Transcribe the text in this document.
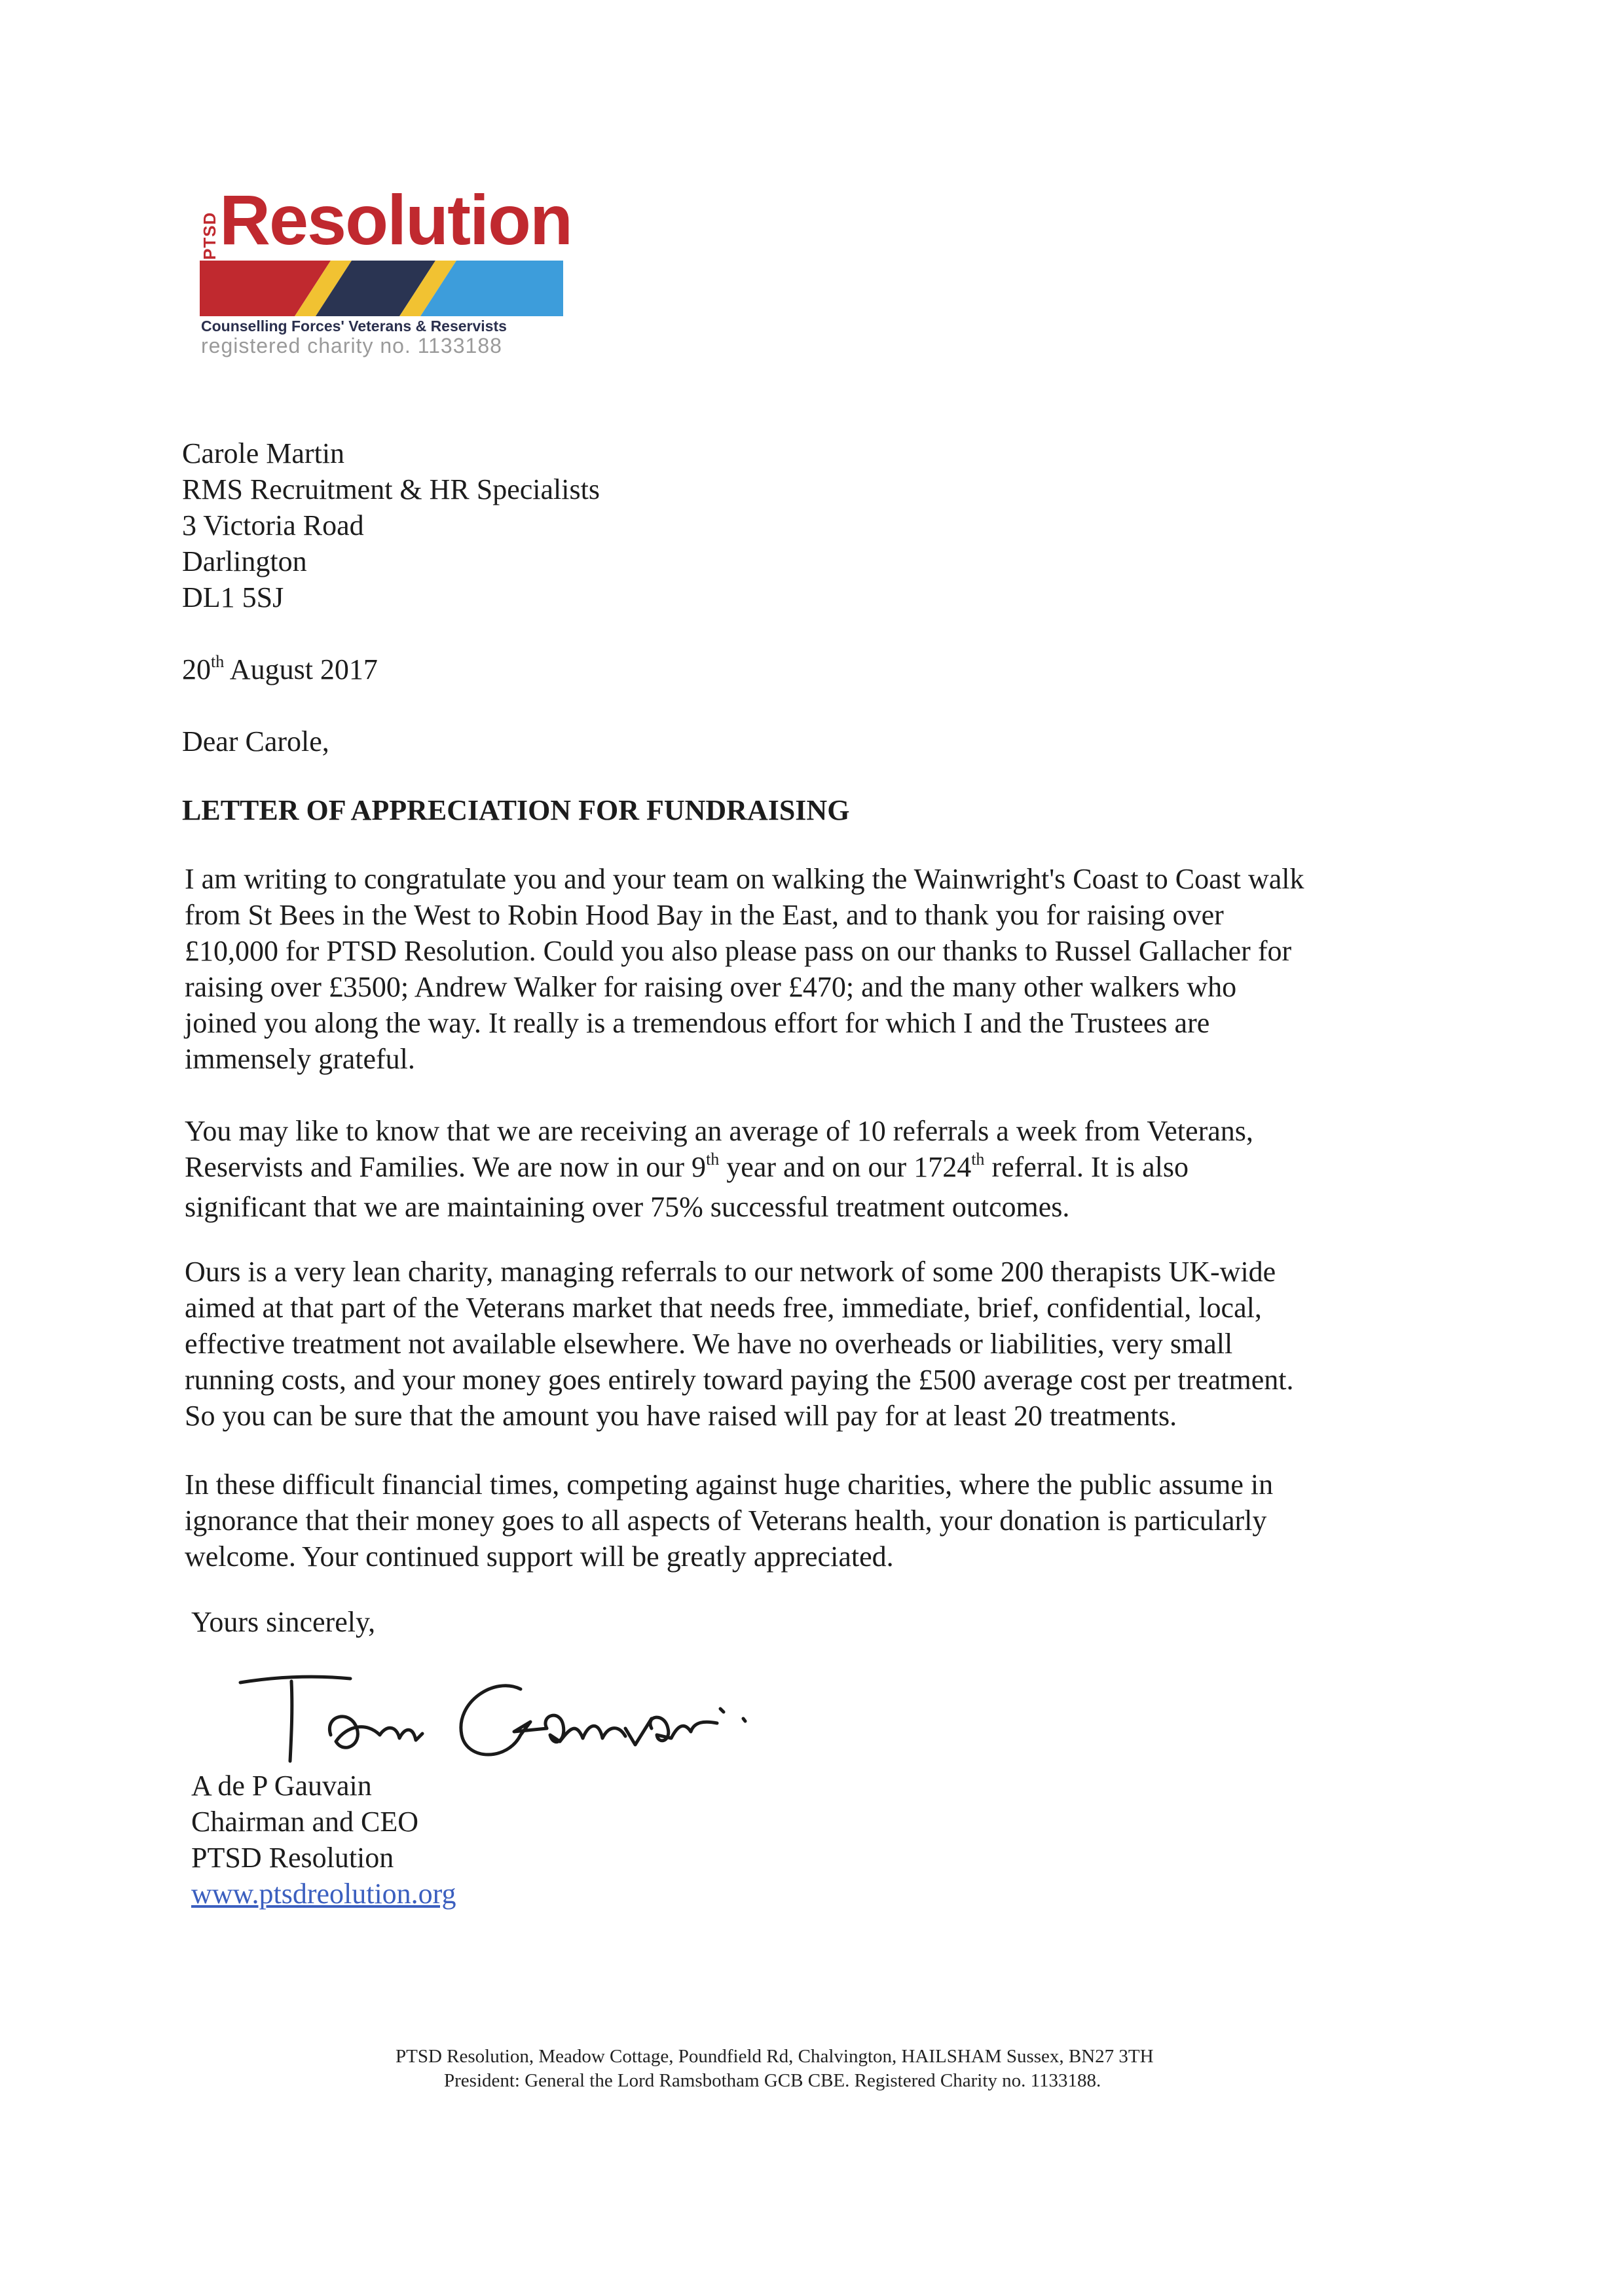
PTSD Resolution
Counselling Forces' Veterans & Reservists
registered charity no. 1133188
Carole Martin
RMS Recruitment & HR Specialists
3 Victoria Road
Darlington
DL1 5SJ
20th August 2017
Dear Carole,
LETTER OF APPRECIATION FOR FUNDRAISING
I am writing to congratulate you and your team on walking the Wainwright's Coast to Coast walk
from St Bees in the West to Robin Hood Bay in the East, and to thank you for raising over
£10,000 for PTSD Resolution. Could you also please pass on our thanks to Russel Gallacher for
raising over £3500; Andrew Walker for raising over £470; and the many other walkers who
joined you along the way. It really is a tremendous effort for which I and the Trustees are
immensely grateful.
You may like to know that we are receiving an average of 10 referrals a week from Veterans,
Reservists and Families. We are now in our 9th year and on our 1724th referral. It is also
significant that we are maintaining over 75% successful treatment outcomes.
Ours is a very lean charity, managing referrals to our network of some 200 therapists UK-wide
aimed at that part of the Veterans market that needs free, immediate, brief, confidential, local,
effective treatment not available elsewhere. We have no overheads or liabilities, very small
running costs, and your money goes entirely toward paying the £500 average cost per treatment.
So you can be sure that the amount you have raised will pay for at least 20 treatments.
In these difficult financial times, competing against huge charities, where the public assume in
ignorance that their money goes to all aspects of Veterans health, your donation is particularly
welcome. Your continued support will be greatly appreciated.
Yours sincerely,
A de P Gauvain
Chairman and CEO
PTSD Resolution
www.ptsdreolution.org
PTSD Resolution, Meadow Cottage, Poundfield Rd, Chalvington, HAILSHAM Sussex, BN27 3TH
President: General the Lord Ramsbotham GCB CBE. Registered Charity no. 1133188.
